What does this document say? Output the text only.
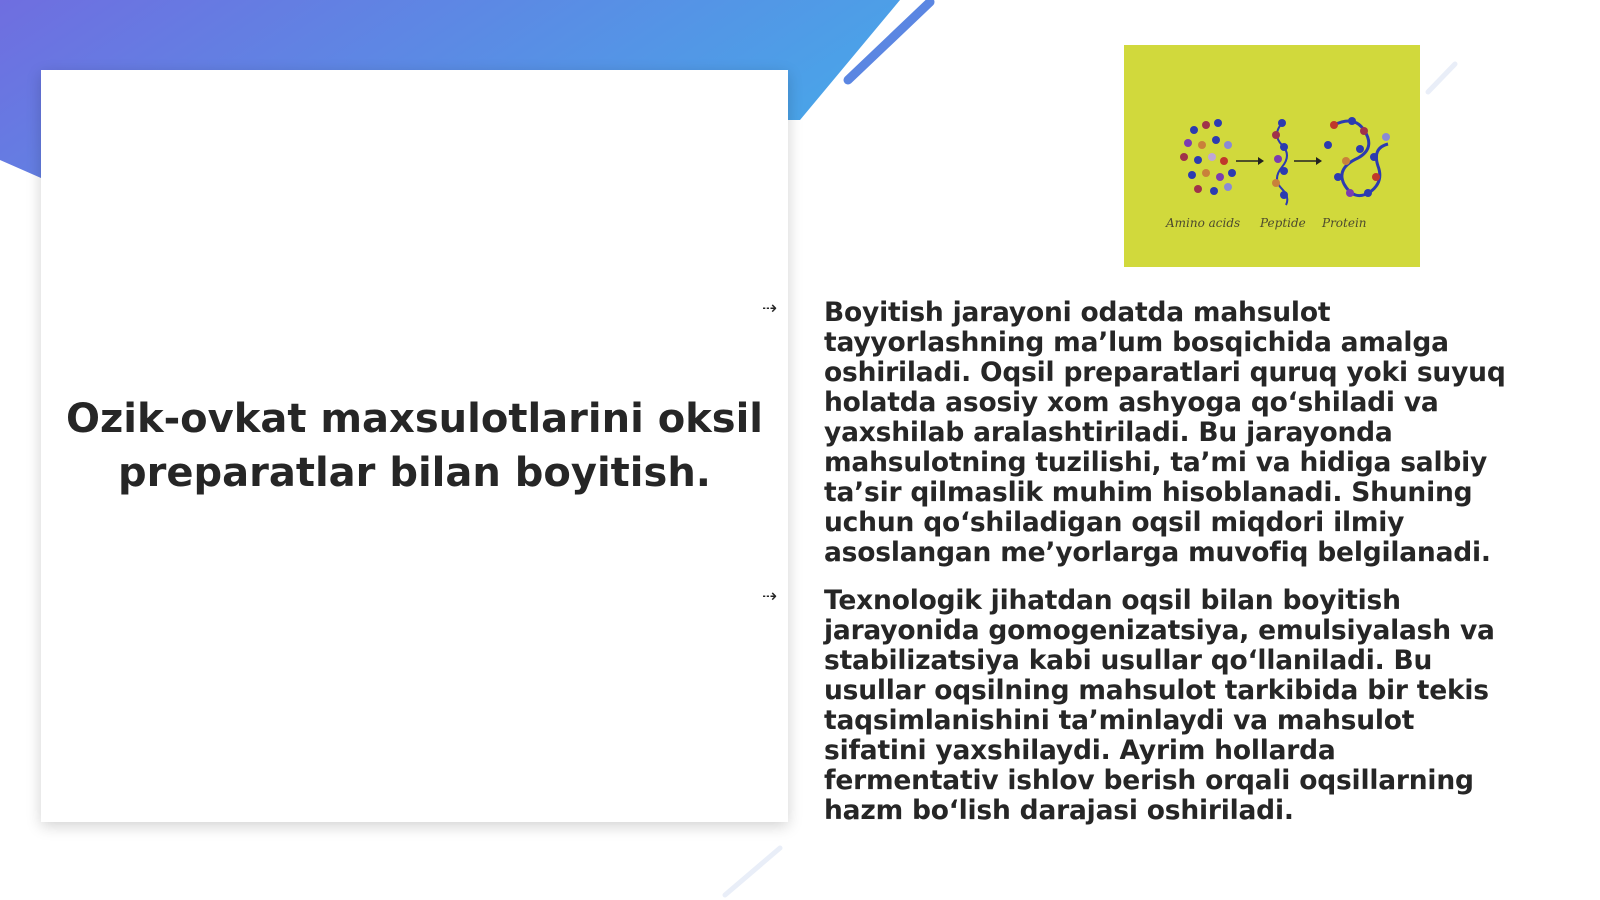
Ozik-ovkat maxsulotlarini oksil preparatlar bilan boyitish.
Amino acids Peptide Protein

⇢ Boyitish jarayoni odatda mahsulot tayyorlashning ma’lum bosqichida amalga oshiriladi. Oqsil preparatlari quruq yoki suyuq holatda asosiy xom ashyoga qo‘shiladi va yaxshilab aralashtiriladi. Bu jarayonda mahsulotning tuzilishi, ta’mi va hidiga salbiy ta’sir qilmaslik muhim hisoblanadi. Shuning uchun qo‘shiladigan oqsil miqdori ilmiy asoslangan me’yorlarga muvofiq belgilanadi.

⇢ Texnologik jihatdan oqsil bilan boyitish jarayonida gomogenizatsiya, emulsiyalash va stabilizatsiya kabi usullar qo‘llaniladi. Bu usullar oqsilning mahsulot tarkibida bir tekis taqsimlanishini ta’minlaydi va mahsulot sifatini yaxshilaydi. Ayrim hollarda fermentativ ishlov berish orqali oqsillarning hazm bo‘lish darajasi oshiriladi.
